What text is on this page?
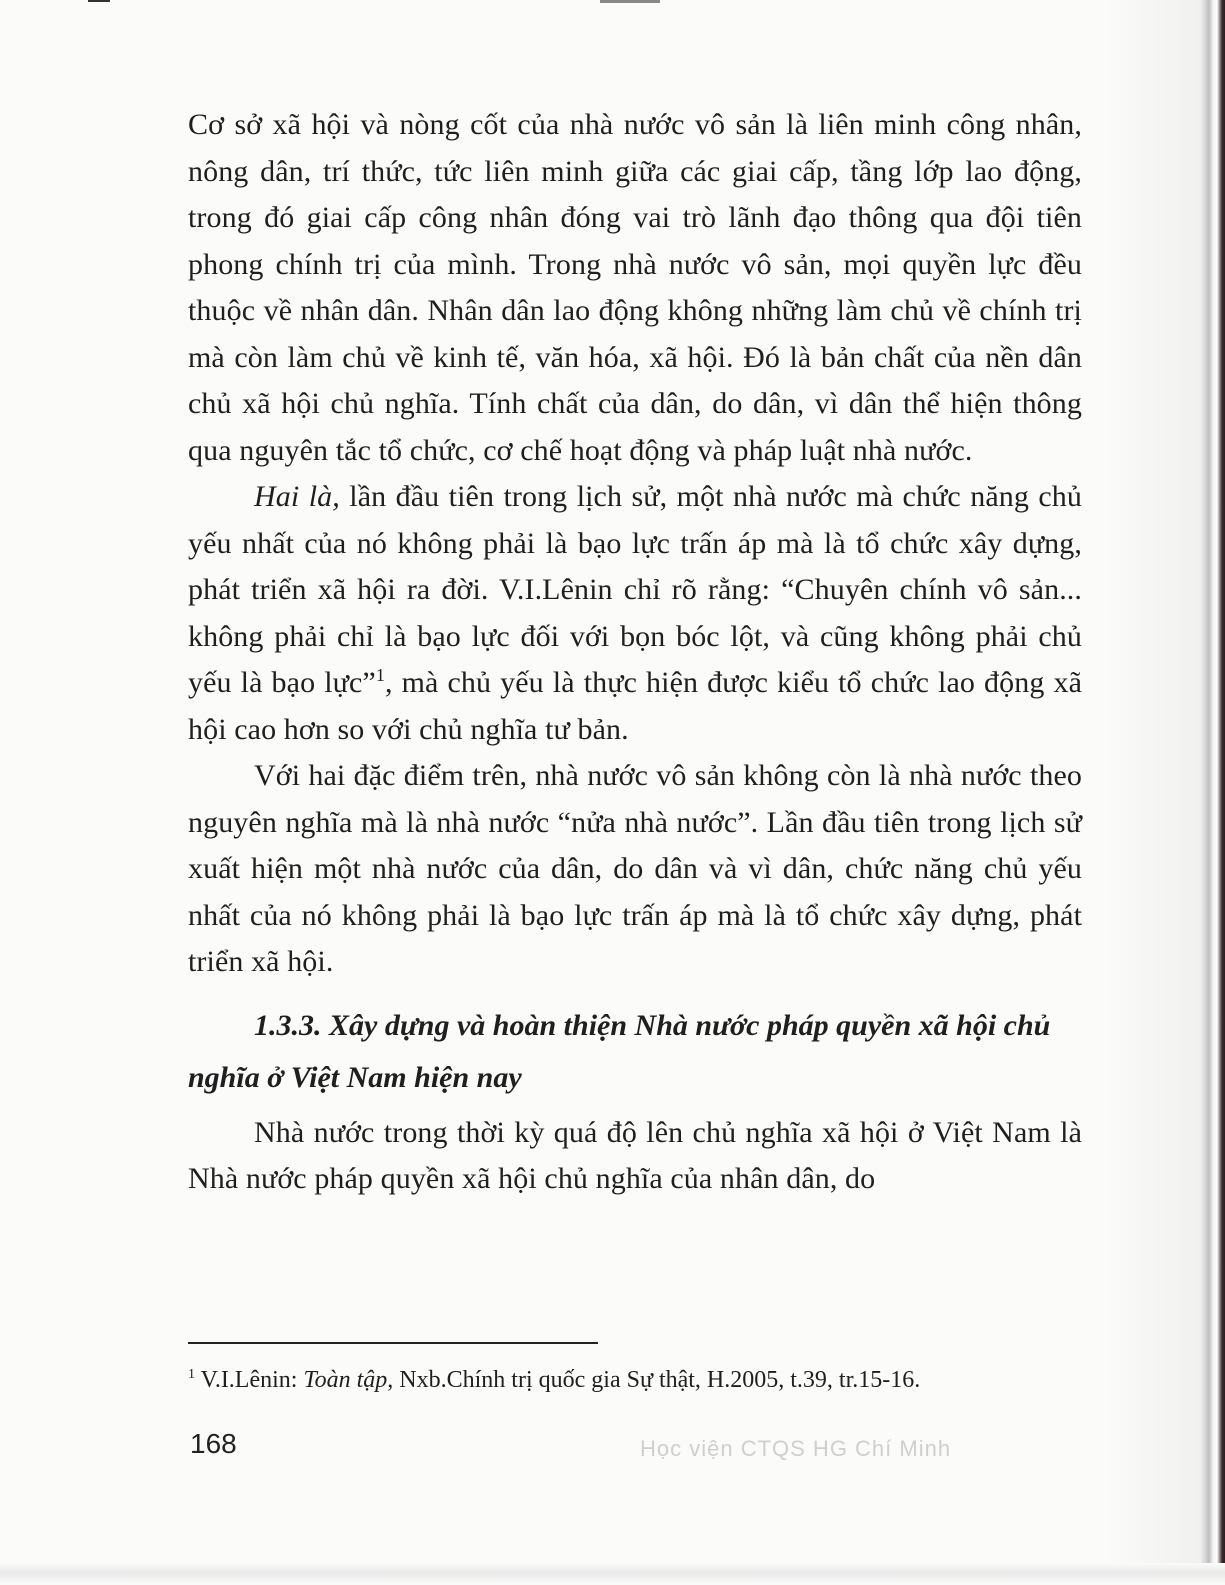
Cơ sở xã hội và nòng cốt của nhà nước vô sản là liên minh công nhân, nông dân, trí thức, tức liên minh giữa các giai cấp, tầng lớp lao động, trong đó giai cấp công nhân đóng vai trò lãnh đạo thông qua đội tiên phong chính trị của mình. Trong nhà nước vô sản, mọi quyền lực đều thuộc về nhân dân. Nhân dân lao động không những làm chủ về chính trị mà còn làm chủ về kinh tế, văn hóa, xã hội. Đó là bản chất của nền dân chủ xã hội chủ nghĩa. Tính chất của dân, do dân, vì dân thể hiện thông qua nguyên tắc tổ chức, cơ chế hoạt động và pháp luật nhà nước.

Hai là, lần đầu tiên trong lịch sử, một nhà nước mà chức năng chủ yếu nhất của nó không phải là bạo lực trấn áp mà là tổ chức xây dựng, phát triển xã hội ra đời. V.I.Lênin chỉ rõ rằng: “Chuyên chính vô sản... không phải chỉ là bạo lực đối với bọn bóc lột, và cũng không phải chủ yếu là bạo lực”$^1$, mà chủ yếu là thực hiện được kiểu tổ chức lao động xã hội cao hơn so với chủ nghĩa tư bản.

Với hai đặc điểm trên, nhà nước vô sản không còn là nhà nước theo nguyên nghĩa mà là nhà nước “nửa nhà nước”. Lần đầu tiên trong lịch sử xuất hiện một nhà nước của dân, do dân và vì dân, chức năng chủ yếu nhất của nó không phải là bạo lực trấn áp mà là tổ chức xây dựng, phát triển xã hội.

1.3.3. Xây dựng và hoàn thiện Nhà nước pháp quyền xã hội chủ nghĩa ở Việt Nam hiện nay

Nhà nước trong thời kỳ quá độ lên chủ nghĩa xã hội ở Việt Nam là Nhà nước pháp quyền xã hội chủ nghĩa của nhân dân, do

$^1$ V.I.Lênin: Toàn tập, Nxb.Chính trị quốc gia Sự thật, H.2005, t.39, tr.15-16.
168	Học viện CTQS HG Chí Minh
